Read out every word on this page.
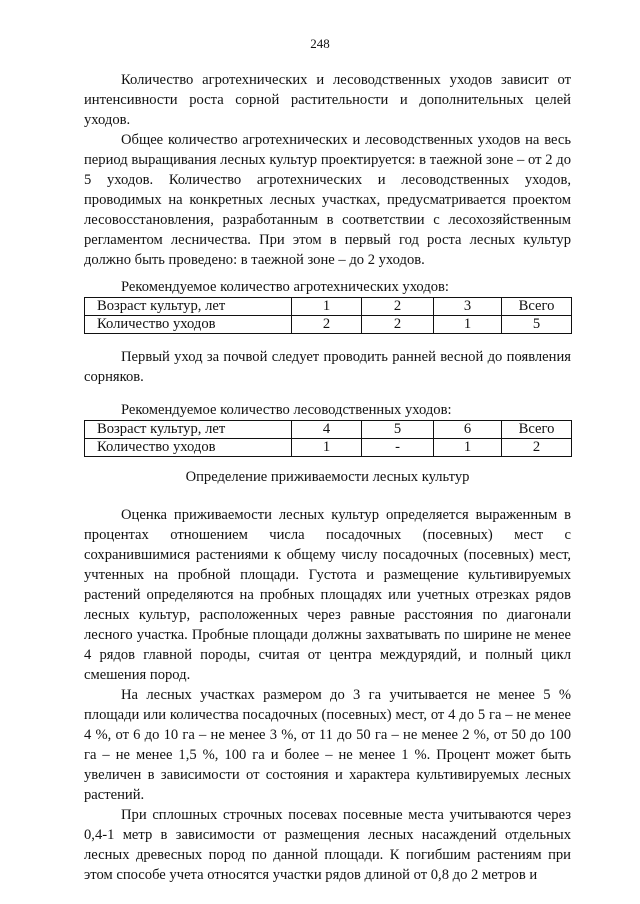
248

Количество агротехнических и лесоводственных уходов зависит от интенсивности роста сорной растительности и дополнительных целей уходов.

Общее количество агротехнических и лесоводственных уходов на весь период выращивания лесных культур проектируется: в таежной зоне – от 2 до 5 уходов. Количество агротехнических и лесоводственных уходов, проводимых на конкретных лесных участках, предусматривается проектом лесовосстановления, разработанным в соответствии с лесохозяйственным регламентом лесничества. При этом в первый год роста лесных культур должно быть проведено: в таежной зоне – до 2 уходов.

Рекомендуемое количество агротехнических уходов:

Возраст культур, лет	1	2	3	Всего
Количество уходов	2	2	1	5

Первый уход за почвой следует проводить ранней весной до появления сорняков.

Рекомендуемое количество лесоводственных уходов:

Возраст культур, лет	4	5	6	Всего
Количество уходов	1	-	1	2

Определение приживаемости лесных культур

Оценка приживаемости лесных культур определяется выраженным в процентах отношением числа посадочных (посевных) мест с сохранившимися растениями к общему числу посадочных (посевных) мест, учтенных на пробной площади. Густота и размещение культивируемых растений определяются на пробных площадях или учетных отрезках рядов лесных культур, расположенных через равные расстояния по диагонали лесного участка. Пробные площади должны захватывать по ширине не менее 4 рядов главной породы, считая от центра междурядий, и полный цикл смешения пород.

На лесных участках размером до 3 га учитывается не менее 5 % площади или количества посадочных (посевных) мест, от 4 до 5 га – не менее 4 %, от 6 до 10 га – не менее 3 %, от 11 до 50 га – не менее 2 %, от 50 до 100 га – не менее 1,5 %, 100 га и более – не менее 1 %. Процент может быть увеличен в зависимости от состояния и характера культивируемых лесных растений.

При сплошных строчных посевах посевные места учитываются через 0,4-1 метр в зависимости от размещения лесных насаждений отдельных лесных древесных пород по данной площади. К погибшим растениям при этом способе учета относятся участки рядов длиной от 0,8 до 2 метров и
